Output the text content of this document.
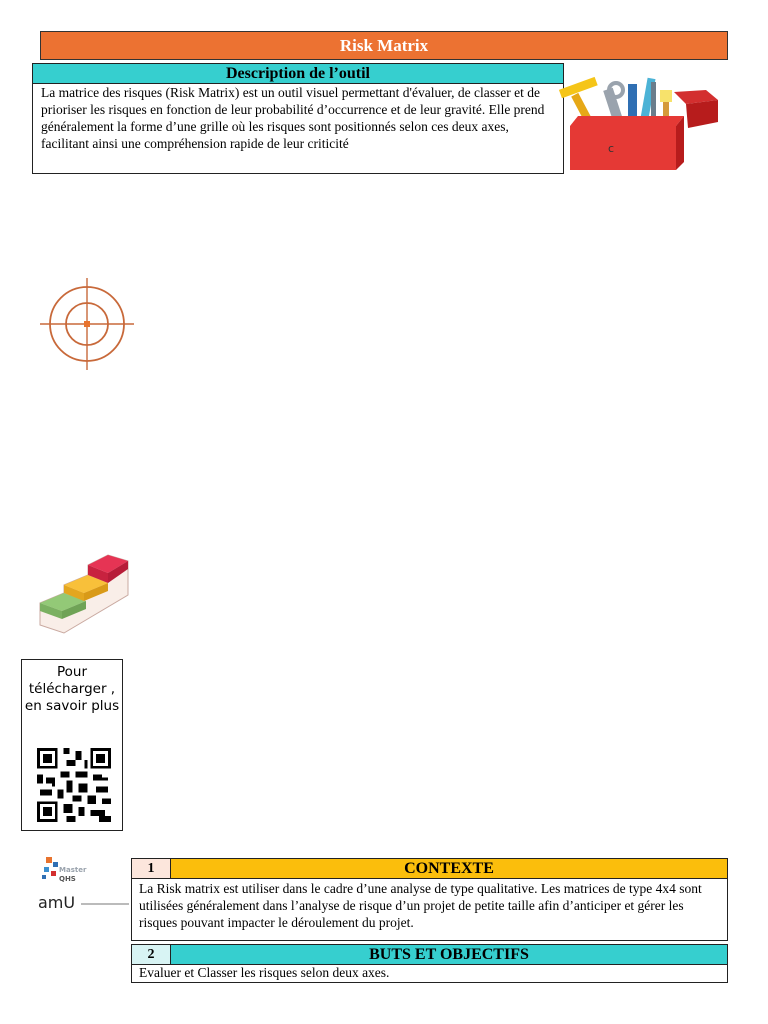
Risk Matrix
Description de l’outil
La matrice des risques (Risk Matrix) est un outil visuel permettant d'évaluer, de classer et de prioriser les risques en fonction de leur probabilité d’occurrence et de leur gravité. Elle prend généralement la forme d’une grille où les risques sont positionnés selon ces deux axes, facilitant ainsi une compréhension rapide de leur criticité	c
Pour télécharger , en savoir plus
Master
QHS
amU
1	CONTEXTE
La Risk matrix est utiliser dans le cadre d’une analyse de type qualitative. Les matrices de type 4x4 sont utilisées généralement dans l’analyse de risque d’un projet de petite taille afin d’anticiper et gérer les risques pouvant impacter le déroulement du projet.
2	BUTS ET OBJECTIFS
Evaluer et Classer les risques selon deux axes.
